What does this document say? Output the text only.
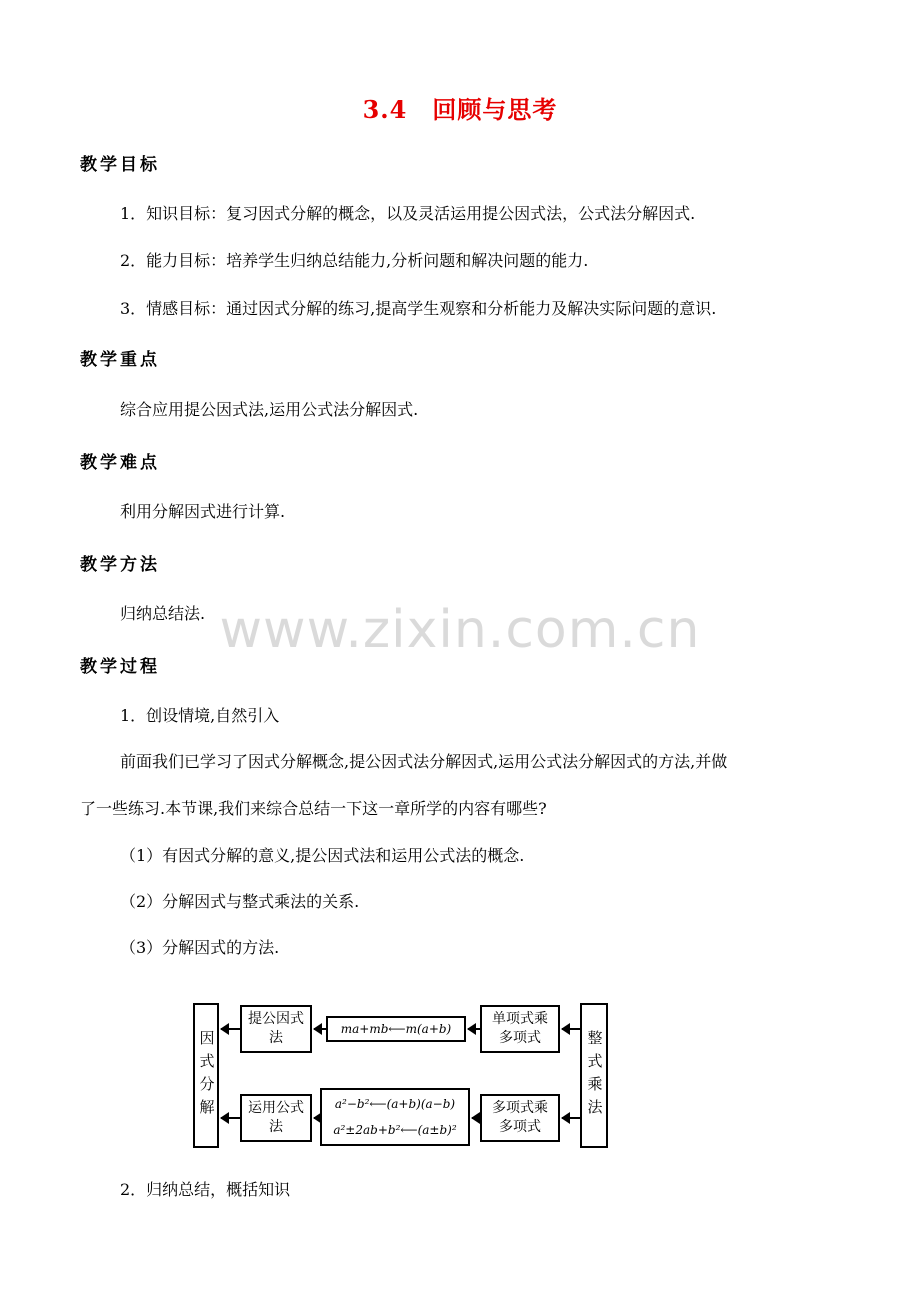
3.4　回顾与思考
教学目标
1．知识目标：复习因式分解的概念，以及灵活运用提公因式法，公式法分解因式.
2．能力目标：培养学生归纳总结能力,分析问题和解决问题的能力.
3．情感目标：通过因式分解的练习,提高学生观察和分析能力及解决实际问题的意识.
教学重点
综合应用提公因式法,运用公式法分解因式.
教学难点
利用分解因式进行计算.
教学方法
归纳总结法. www.zixin.com.cn
教学过程
1．创设情境,自然引入
前面我们已学习了因式分解概念,提公因式法分解因式,运用公式法分解因式的方法,并做
了一些练习.本节课,我们来综合总结一下这一章所学的内容有哪些?
（1）有因式分解的意义,提公因式法和运用公式法的概念.
（2）分解因式与整式乘法的关系.
（3）分解因式的方法.
因式分解
提公因式法
运用公式法
ma+mb⟵m(a+b)
a²−b²⟵(a+b)(a−b)
a²±2ab+b²⟵(a±b)²
单项式乘多项式
多项式乘多项式
整式乘法
2．归纳总结，概括知识
